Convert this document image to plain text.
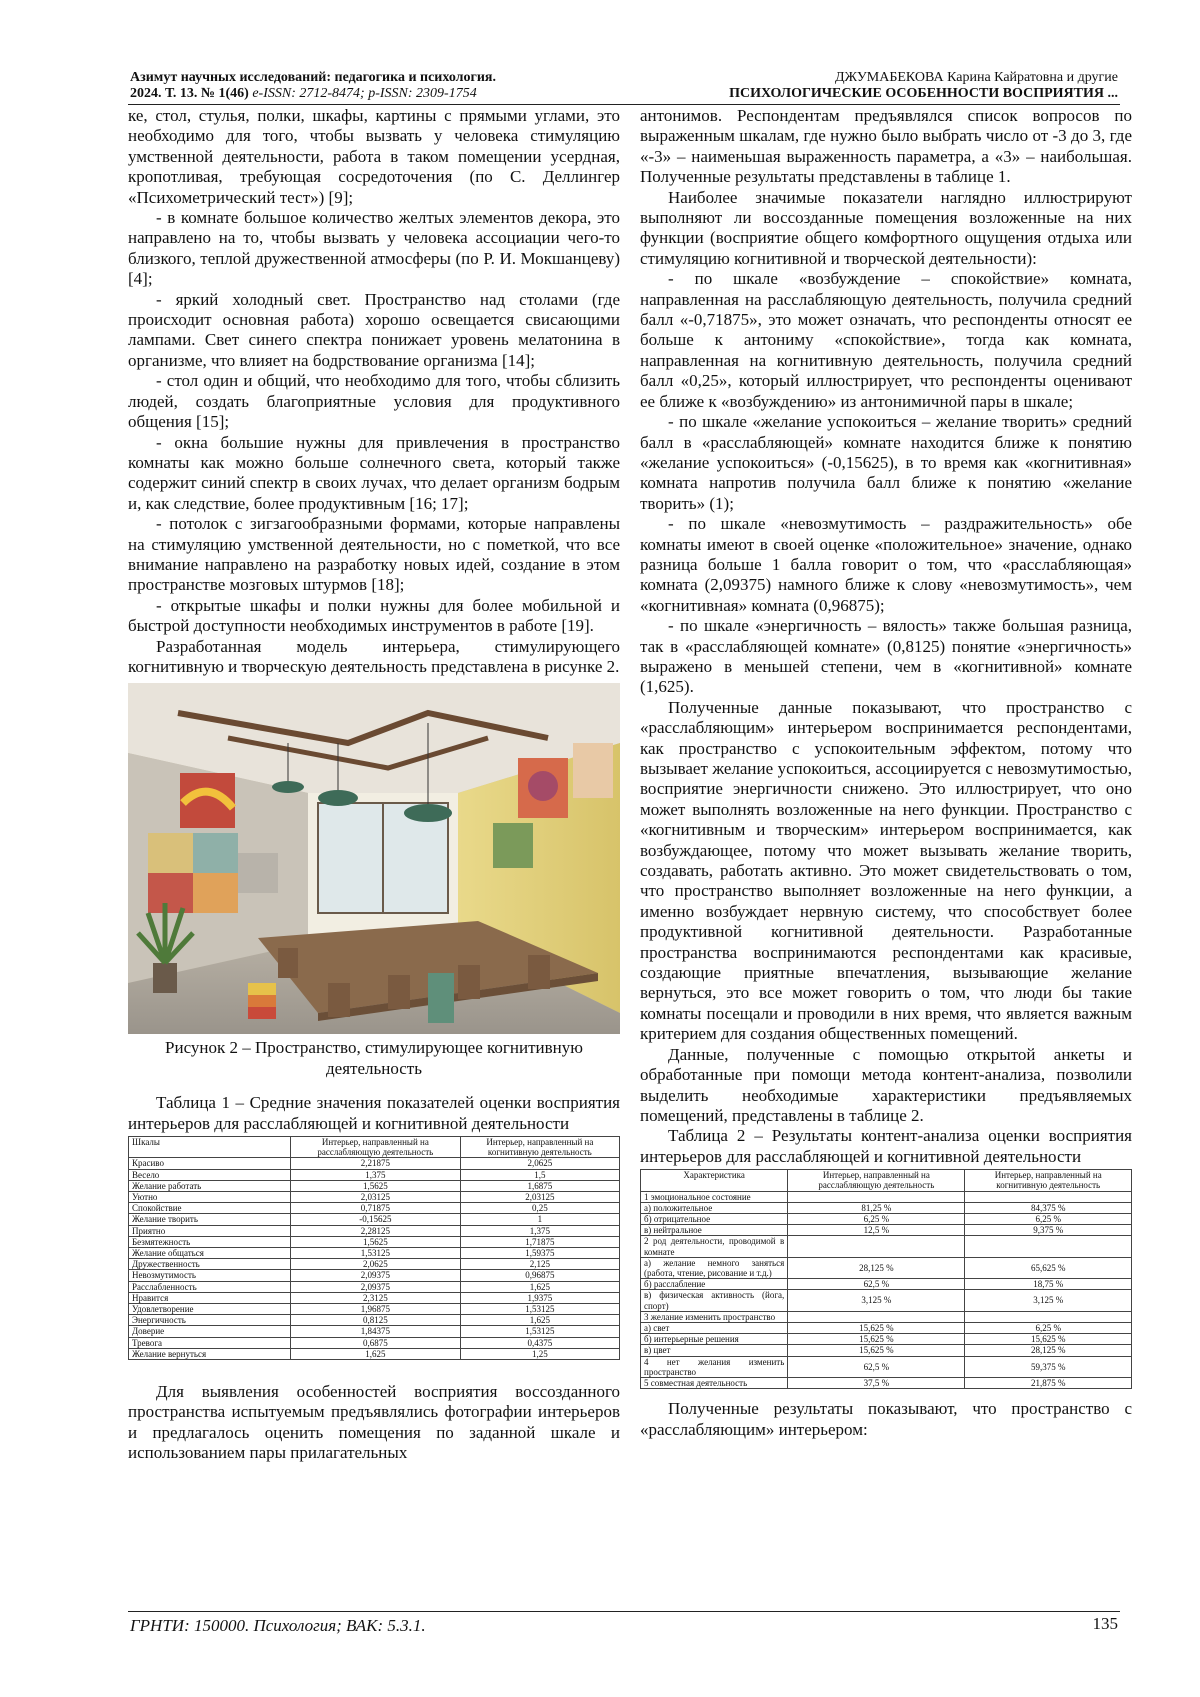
Азимут научных исследований: педагогика и психология.
2024. Т. 13. № 1(46) e-ISSN: 2712-8474; p-ISSN: 2309-1754
ДЖУМАБЕКОВА Карина Кайратовна и другие
ПСИХОЛОГИЧЕСКИЕ ОСОБЕННОСТИ ВОСПРИЯТИЯ ...

ке, стол, стулья, полки, шкафы, картины с прямыми углами, это необходимо для того, чтобы вызвать у человека стимуляцию умственной деятельности, работа в таком помещении усердная, кропотливая, требующая сосредоточения (по С. Деллингер «Психометрический тест») [9];

- в комнате большое количество желтых элементов декора, это направлено на то, чтобы вызвать у человека ассоциации чего-то близкого, теплой дружественной атмосферы (по Р. И. Мокшанцеву) [4];

- яркий холодный свет. Пространство над столами (где происходит основная работа) хорошо освещается свисающими лампами. Свет синего спектра понижает уровень мелатонина в организме, что влияет на бодрствование организма [14];

- стол один и общий, что необходимо для того, чтобы сблизить людей, создать благоприятные условия для продуктивного общения [15];

- окна большие нужны для привлечения в пространство комнаты как можно больше солнечного света, который также содержит синий спектр в своих лучах, что делает организм бодрым и, как следствие, более продуктивным [16; 17];

- потолок с зигзагообразными формами, которые направлены на стимуляцию умственной деятельности, но с пометкой, что все внимание направлено на разработку новых идей, создание в этом пространстве мозговых штурмов [18];

- открытые шкафы и полки нужны для более мобильной и быстрой доступности необходимых инструментов в работе [19].

Разработанная модель интерьера, стимулирующего когнитивную и творческую деятельность представлена в рисунке 2.

Рисунок 2 – Пространство, стимулирующее когнитивную деятельность

Таблица 1 – Средние значения показателей оценки восприятия интерьеров для расслабляющей и когнитивной деятельности

Шкалы	Интерьер, направленный на расслабляющую деятельность	Интерьер, направленный на когнитивную деятельность
Красиво	2,21875	2,0625
Весело	1,375	1,5
Желание работать	1,5625	1,6875
Уютно	2,03125	2,03125
Спокойствие	0,71875	0,25
Желание творить	-0,15625	1
Приятно	2,28125	1,375
Безмятежность	1,5625	1,71875
Желание общаться	1,53125	1,59375
Дружественность	2,0625	2,125
Невозмутимость	2,09375	0,96875
Расслабленность	2,09375	1,625
Нравится	2,3125	1,9375
Удовлетворение	1,96875	1,53125
Энергичность	0,8125	1,625
Доверие	1,84375	1,53125
Тревога	0,6875	0,4375
Желание вернуться	1,625	1,25

Для выявления особенностей восприятия воссозданного пространства испытуемым предъявлялись фотографии интерьеров и предлагалось оценить помещения по заданной шкале и использованием пары прилагательных

антонимов. Респондентам предъявлялся список вопросов по выраженным шкалам, где нужно было выбрать число от -3 до 3, где «-3» – наименьшая выраженность параметра, а «3» – наибольшая. Полученные результаты представлены в таблице 1.

Наиболее значимые показатели наглядно иллюстрируют выполняют ли воссозданные помещения возложенные на них функции (восприятие общего комфортного ощущения отдыха или стимуляцию когнитивной и творческой деятельности):

- по шкале «возбуждение – спокойствие» комната, направленная на расслабляющую деятельность, получила средний балл «-0,71875», это может означать, что респонденты относят ее больше к антониму «спокойствие», тогда как комната, направленная на когнитивную деятельность, получила средний балл «0,25», который иллюстрирует, что респонденты оценивают ее ближе к «возбуждению» из антонимичной пары в шкале;

- по шкале «желание успокоиться – желание творить» средний балл в «расслабляющей» комнате находится ближе к понятию «желание успокоиться» (-0,15625), в то время как «когнитивная» комната напротив получила балл ближе к понятию «желание творить» (1);

- по шкале «невозмутимость – раздражительность» обе комнаты имеют в своей оценке «положительное» значение, однако разница больше 1 балла говорит о том, что «расслабляющая» комната (2,09375) намного ближе к слову «невозмутимость», чем «когнитивная» комната (0,96875);

- по шкале «энергичность – вялость» также большая разница, так в «расслабляющей комнате» (0,8125) понятие «энергичность» выражено в меньшей степени, чем в «когнитивной» комнате (1,625).

Полученные данные показывают, что пространство с «расслабляющим» интерьером воспринимается респондентами, как пространство с успокоительным эффектом, потому что вызывает желание успокоиться, ассоциируется с невозмутимостью, восприятие энергичности снижено. Это иллюстрирует, что оно может выполнять возложенные на него функции. Пространство с «когнитивным и творческим» интерьером воспринимается, как возбуждающее, потому что может вызывать желание творить, создавать, работать активно. Это может свидетельствовать о том, что пространство выполняет возложенные на него функции, а именно возбуждает нервную систему, что способствует более продуктивной когнитивной деятельности. Разработанные пространства воспринимаются респондентами как красивые, создающие приятные впечатления, вызывающие желание вернуться, это все может говорить о том, что люди бы такие комнаты посещали и проводили в них время, что является важным критерием для создания общественных помещений.

Данные, полученные с помощью открытой анкеты и обработанные при помощи метода контент-анализа, позволили выделить необходимые характеристики предъявляемых помещений, представлены в таблице 2.

Таблица 2 – Результаты контент-анализа оценки восприятия интерьеров для расслабляющей и когнитивной деятельности

Характеристика	Интерьер, направленный на расслабляющую деятельность	Интерьер, направленный на когнитивную деятельность
1 эмоциональное состояние		
а) положительное	81,25 %	84,375 %
б) отрицательное	6,25 %	6,25 %
в) нейтральное	12,5 %	9,375 %
2 род деятельности, проводимой в комнате		
а) желание немного заняться (работа, чтение, рисование и т.д.)	28,125 %	65,625 %
б) расслабление	62,5 %	18,75 %
в) физическая активность (йога, спорт)	3,125 %	3,125 %
3 желание изменить пространство		
а) свет	15,625 %	6,25 %
б) интерьерные решения	15,625 %	15,625 %
в) цвет	15,625 %	28,125 %
4 нет желания изменить пространство	62,5 %	59,375 %
5 совместная деятельность	37,5 %	21,875 %

Полученные результаты показывают, что пространство с «расслабляющим» интерьером:

ГРНТИ: 150000. Психология; ВАК: 5.3.1.	135
